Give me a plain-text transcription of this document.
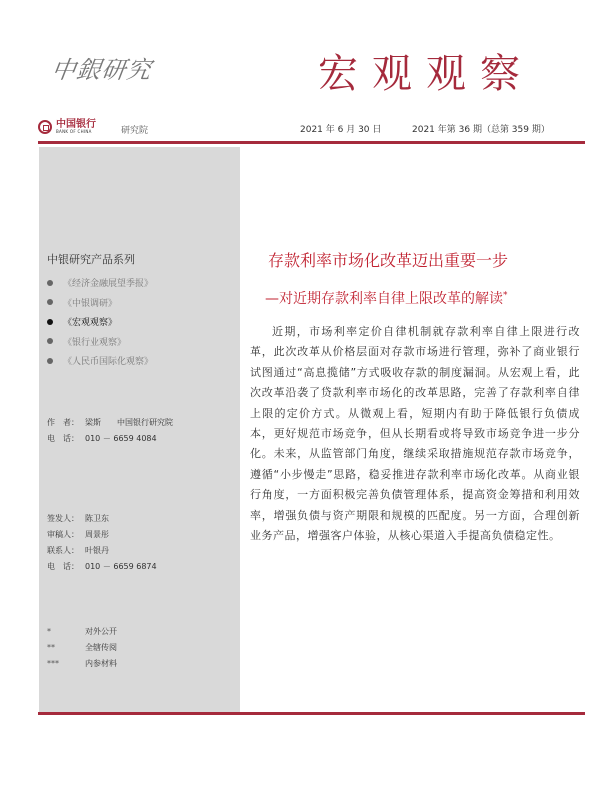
中銀研究	宏观观察
中国银行
BANK OF CHINA	研究院	2021 年 6 月 30 日	2021 年第 36 期（总第 359 期）
中银研究产品系列
《经济金融展望季报》
《中银调研》
《宏观观察》
《银行业观察》
《人民币国际化观察》
作　者： 梁斯　　中国银行研究院
电　话： 010 － 6659 4084
签发人： 陈卫东
审稿人： 周景彤
联系人： 叶银丹
电　话： 010 － 6659 6874
*	对外公开
**	全辖传阅
***	内参材料
存款利率市场化改革迈出重要一步
—对近期存款利率自律上限改革的解读*

近期，市场利率定价自律机制就存款利率自律上限进行改革，此次改革从价格层面对存款市场进行管理，弥补了商业银行试图通过“高息揽储”方式吸收存款的制度漏洞。从宏观上看，此次改革沿袭了贷款利率市场化的改革思路，完善了存款利率自律上限的定价方式。从微观上看，短期内有助于降低银行负债成本，更好规范市场竞争，但从长期看或将导致市场竞争进一步分化。未来，从监管部门角度，继续采取措施规范存款市场竞争，遵循“小步慢走”思路，稳妥推进存款利率市场化改革。从商业银行角度，一方面积极完善负债管理体系，提高资金筹措和利用效率，增强负债与资产期限和规模的匹配度。另一方面，合理创新业务产品，增强客户体验，从核心渠道入手提高负债稳定性。
